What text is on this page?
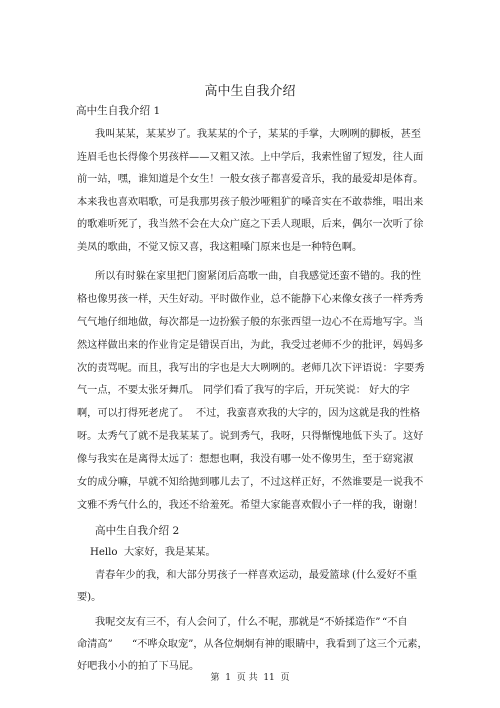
高中生自我介绍
高中生自我介绍 1
我叫某某，某某岁了。我某某的个子，某某的手掌，大咧咧的脚板，甚至
连眉毛也长得像个男孩样——又粗又浓。上中学后，我索性留了短发，往人面
前一站，嘿，谁知道是个女生！一般女孩子都喜爱音乐，我的最爱却是体育。
本来我也喜欢唱歌，可是我那男孩子般沙哑粗犷的嗓音实在不敢恭维，唱出来
的歌难听死了，我当然不会在大众广庭之下丢人现眼，后来，偶尔一次听了徐
美凤的歌曲，不觉又惊又喜，我这粗嗓门原来也是一种特色啊。
所以有时躲在家里把门窗紧闭后高歌一曲，自我感觉还蛮不错的。我的性
格也像男孩一样，天生好动。平时做作业，总不能静下心来像女孩子一样秀秀
气气地仔细地做，每次都是一边扮猴子般的东张西望一边心不在焉地写字。当
然这样做出来的作业肯定是错误百出，为此，我受过老师不少的批评，妈妈多
次的责骂呢。而且，我写出的字也是大大咧咧的。老师几次下评语说： 字要秀
气一点，不要太张牙舞爪。 同学们看了我写的字后，开玩笑说： 好大的字
啊，可以打得死老虎了。 不过，我蛮喜欢我的大字的，因为这就是我的性格
呀。太秀气了就不是我某某了。说到秀气，我呀，只得惭愧地低下头了。这好
像与我实在是离得太远了：想想也啊，我没有哪一处不像男生，至于窈窕淑
女的成分嘛，早就不知给抛到哪儿去了，不过这样正好，不然谁要是一说我不
文雅不秀气什么的，我还不给羞死。希望大家能喜欢假小子一样的我，谢谢！
高中生自我介绍 2
Hello 大家好，我是某某。
青春年少的我，和大部分男孩子一样喜欢运动，最爱篮球 (什么爱好不重
要)。
我呢交友有三不，有人会问了，什么不呢，那就是“不娇揉造作” “不自
命清高” “不哗众取宠”，从各位炯炯有神的眼睛中，我看到了这三个元素，
好吧我小小的拍了下马屁。
第 1 页 共 11 页
